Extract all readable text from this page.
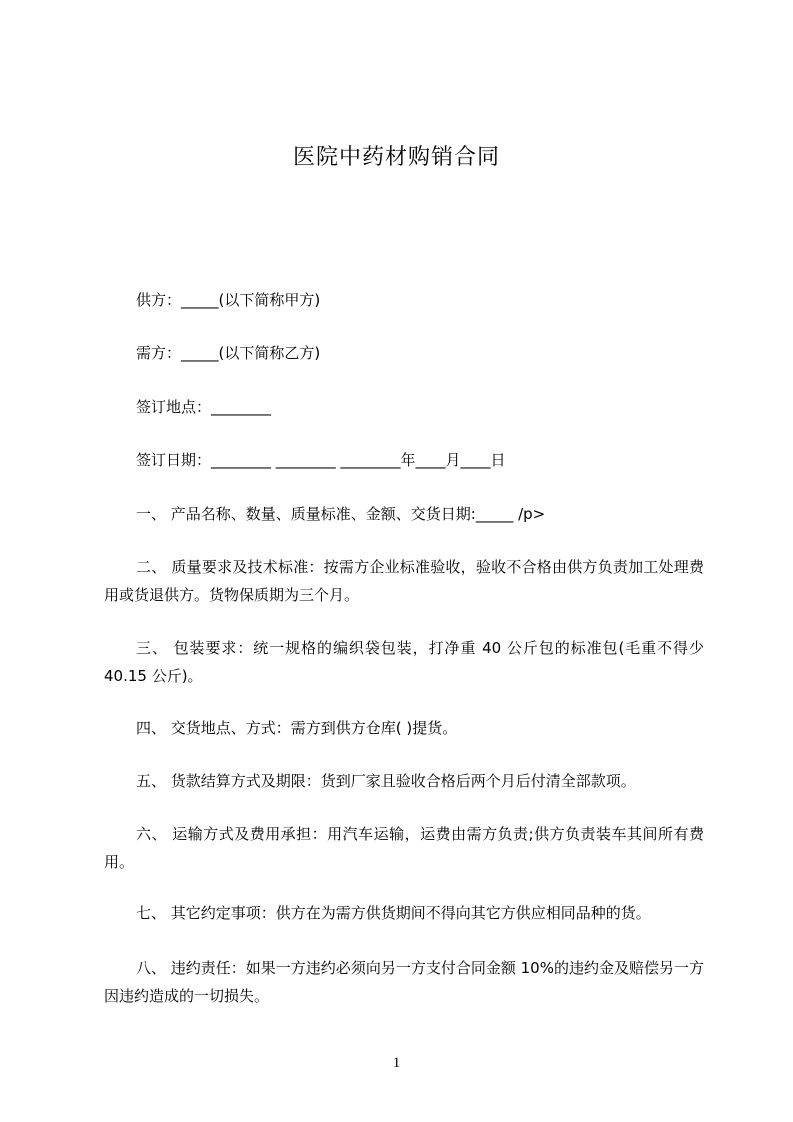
医院中药材购销合同
供方：_____(以下简称甲方)
需方：_____(以下简称乙方)
签订地点：________
签订日期：________ ________ ________年____月____日
一、 产品名称、数量、质量标准、金额、交货日期:_____ /p>
二、 质量要求及技术标准：按需方企业标准验收，验收不合格由供方负责加工处理费用或货退供方。货物保质期为三个月。
三、 包装要求：统一规格的编织袋包装，打净重 40 公斤包的标准包(毛重不得少 40.15 公斤)。
四、 交货地点、方式：需方到供方仓库( )提货。
五、 货款结算方式及期限：货到厂家且验收合格后两个月后付清全部款项。
六、 运输方式及费用承担：用汽车运输，运费由需方负责;供方负责装车其间所有费用。
七、 其它约定事项：供方在为需方供货期间不得向其它方供应相同品种的货。
八、 违约责任：如果一方违约必须向另一方支付合同金额 10%的违约金及赔偿另一方因违约造成的一切损失。
1
